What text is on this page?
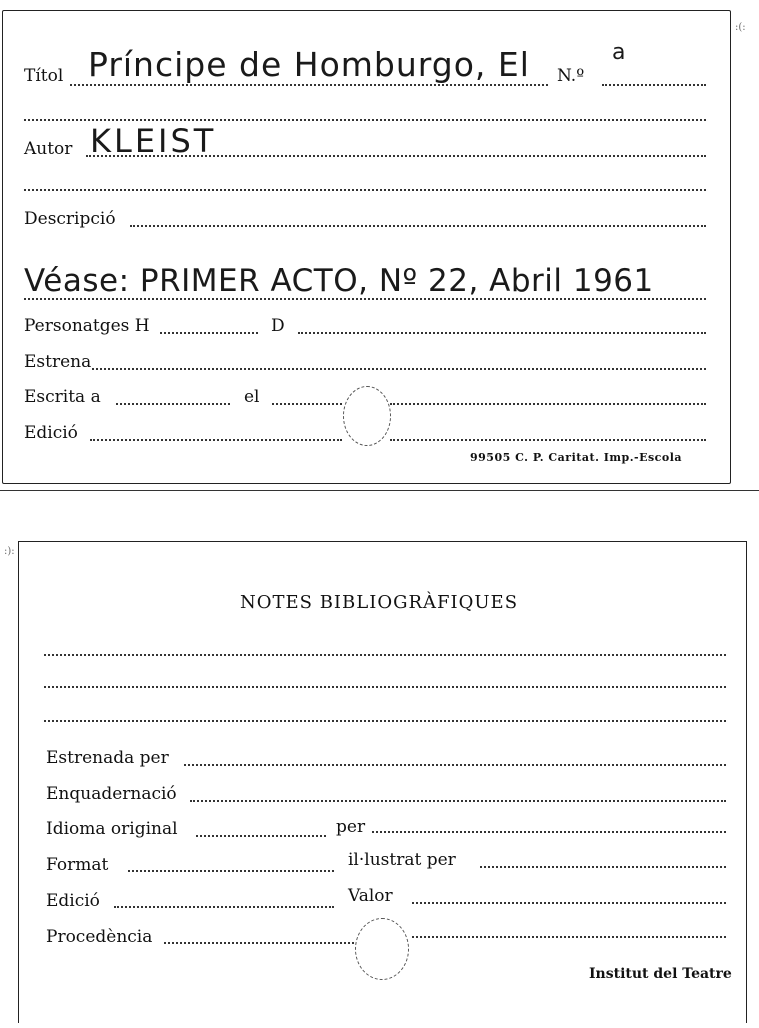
:(:
Títol Príncipe de Homburgo, El N.º
a
Autor KLEIST
Descripció
Véase: PRIMER ACTO, Nº 22, Abril 1961
Personatges H	D
Estrena
Escrita a	el
Edició
99505 C. P. Caritat. Imp.-Escola
:):
NOTES BIBLIOGRÀFIQUES
Estrenada per
Enquadernació
Idioma original	per
Format	il·lustrat per
Edició	Valor
Procedència
Institut del Teatre
